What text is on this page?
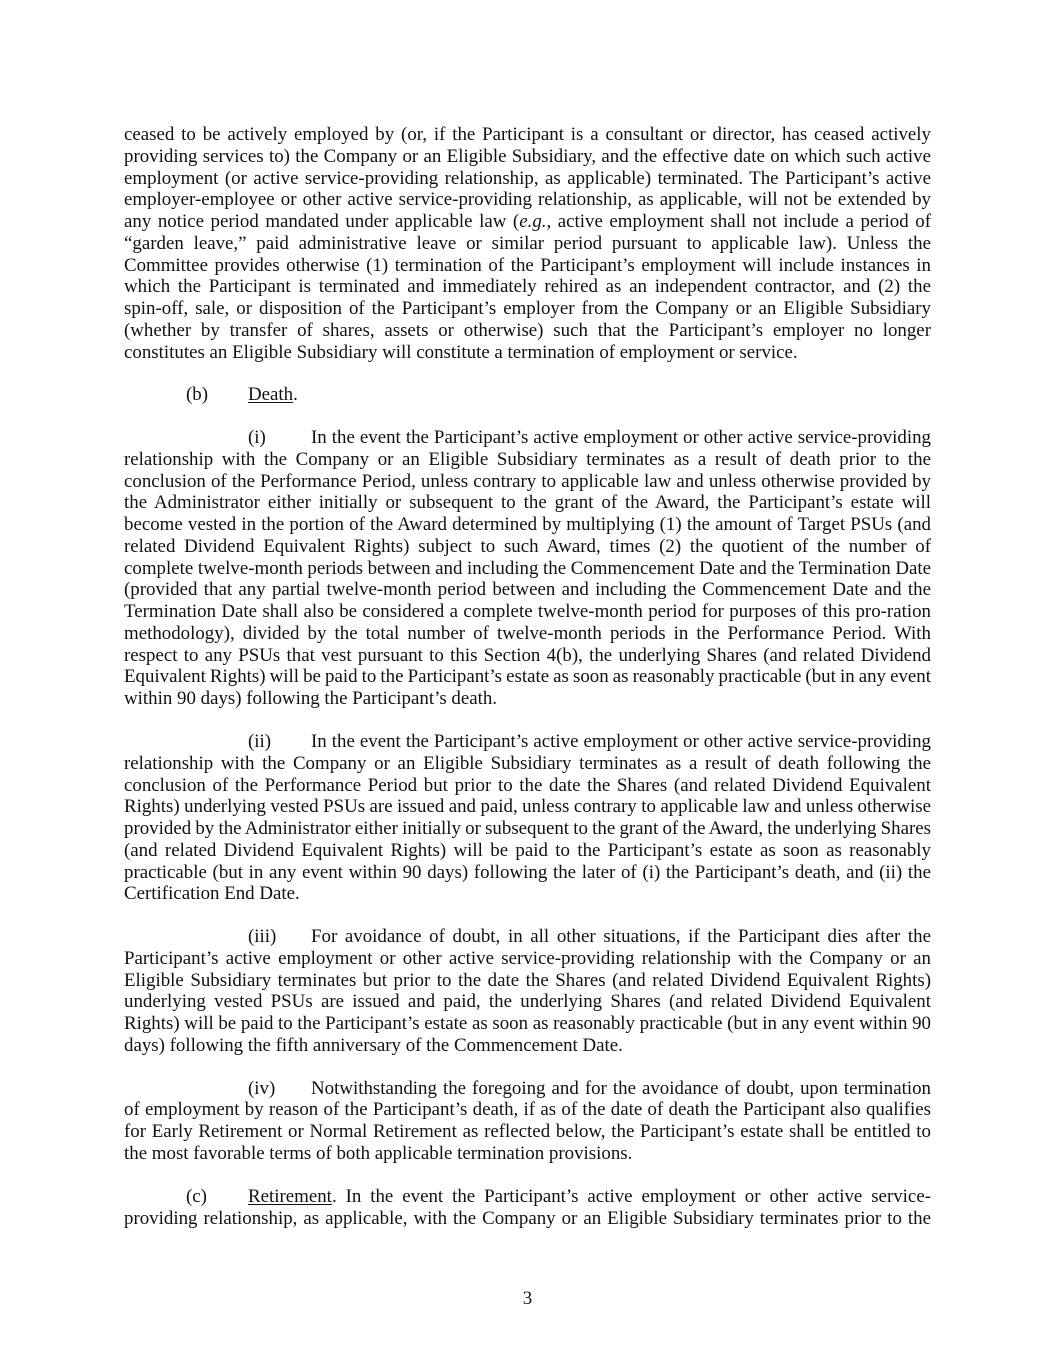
ceased to be actively employed by (or, if the Participant is a consultant or director, has ceased actively
providing services to) the Company or an Eligible Subsidiary, and the effective date on which such active
employment (or active service-providing relationship, as applicable) terminated. The Participant’s active
employer-employee or other active service-providing relationship, as applicable, will not be extended by
any notice period mandated under applicable law (e.g., active employment shall not include a period of
“garden leave,” paid administrative leave or similar period pursuant to applicable law). Unless the
Committee provides otherwise (1) termination of the Participant’s employment will include instances in
which the Participant is terminated and immediately rehired as an independent contractor, and (2) the
spin-off, sale, or disposition of the Participant’s employer from the Company or an Eligible Subsidiary
(whether by transfer of shares, assets or otherwise) such that the Participant’s employer no longer
constitutes an Eligible Subsidiary will constitute a termination of employment or service.
(b) Death.
(i) In the event the Participant’s active employment or other active service-providing
relationship with the Company or an Eligible Subsidiary terminates as a result of death prior to the
conclusion of the Performance Period, unless contrary to applicable law and unless otherwise provided by
the Administrator either initially or subsequent to the grant of the Award, the Participant’s estate will
become vested in the portion of the Award determined by multiplying (1) the amount of Target PSUs (and
related Dividend Equivalent Rights) subject to such Award, times (2) the quotient of the number of
complete twelve-month periods between and including the Commencement Date and the Termination Date
(provided that any partial twelve-month period between and including the Commencement Date and the
Termination Date shall also be considered a complete twelve-month period for purposes of this pro-ration
methodology), divided by the total number of twelve-month periods in the Performance Period. With
respect to any PSUs that vest pursuant to this Section 4(b), the underlying Shares (and related Dividend
Equivalent Rights) will be paid to the Participant’s estate as soon as reasonably practicable (but in any event
within 90 days) following the Participant’s death.
(ii) In the event the Participant’s active employment or other active service-providing
relationship with the Company or an Eligible Subsidiary terminates as a result of death following the
conclusion of the Performance Period but prior to the date the Shares (and related Dividend Equivalent
Rights) underlying vested PSUs are issued and paid, unless contrary to applicable law and unless otherwise
provided by the Administrator either initially or subsequent to the grant of the Award, the underlying Shares
(and related Dividend Equivalent Rights) will be paid to the Participant’s estate as soon as reasonably
practicable (but in any event within 90 days) following the later of (i) the Participant’s death, and (ii) the
Certification End Date.
(iii) For avoidance of doubt, in all other situations, if the Participant dies after the
Participant’s active employment or other active service-providing relationship with the Company or an
Eligible Subsidiary terminates but prior to the date the Shares (and related Dividend Equivalent Rights)
underlying vested PSUs are issued and paid, the underlying Shares (and related Dividend Equivalent
Rights) will be paid to the Participant’s estate as soon as reasonably practicable (but in any event within 90
days) following the fifth anniversary of the Commencement Date.
(iv) Notwithstanding the foregoing and for the avoidance of doubt, upon termination
of employment by reason of the Participant’s death, if as of the date of death the Participant also qualifies
for Early Retirement or Normal Retirement as reflected below, the Participant’s estate shall be entitled to
the most favorable terms of both applicable termination provisions.
(c) Retirement. In the event the Participant’s active employment or other active service-
providing relationship, as applicable, with the Company or an Eligible Subsidiary terminates prior to the
3
